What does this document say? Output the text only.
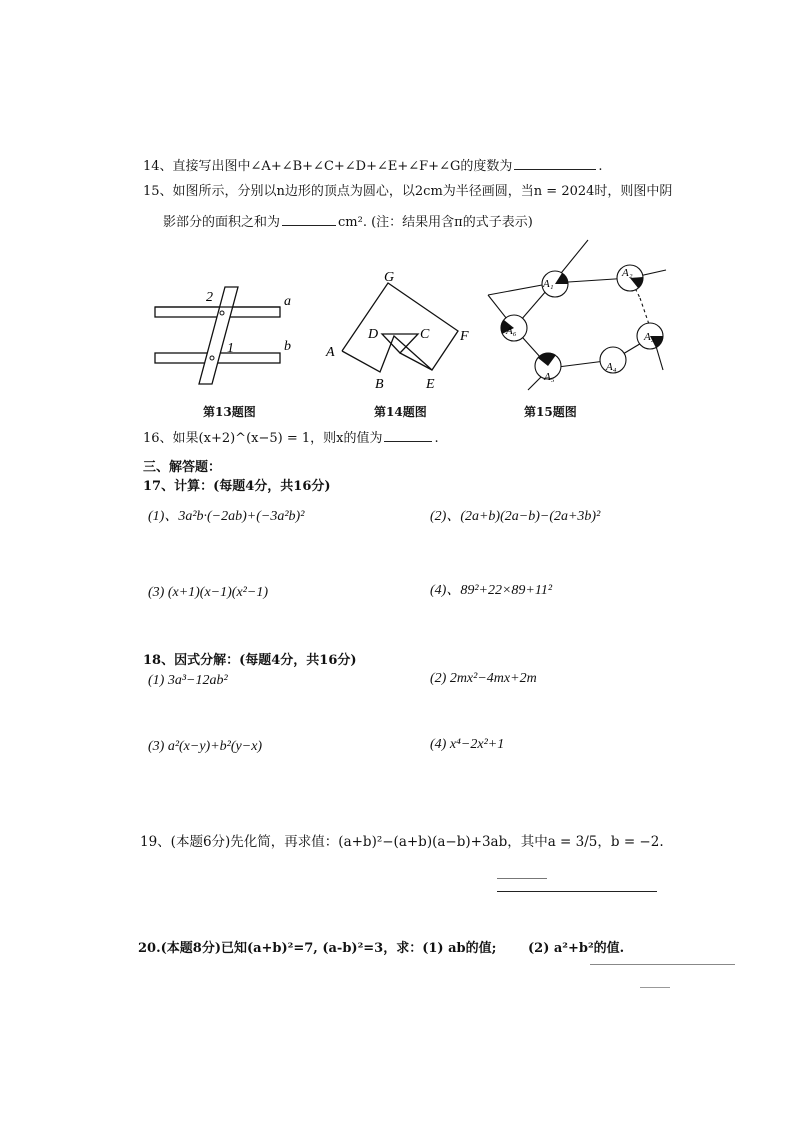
14、直接写出图中∠A+∠B+∠C+∠D+∠E+∠F+∠G的度数为	.
15、如图所示，分别以n边形的顶点为圆心，以2cm为半径画圆，当n = 2024时，则图中阴
影部分的面积之和为	cm². (注：结果用含π的式子表示)
a
b
2
1
第13题图
G
A
B
C
D
E
F
第14题图
A₁
A₂
A₃
A₄
A₅
A₆
第15题图
16、如果(x+2)^(x−5) = 1，则x的值为	.
三、解答题：
17、计算：(每题4分，共16分)
(1)、3a²b·(−2ab)+(−3a²b)²	(2)、(2a+b)(2a−b)−(2a+3b)²
(3) (x+1)(x−1)(x²−1)	(4)、89²+22×89+11²
18、因式分解：(每题4分，共16分)
(1) 3a³−12ab²	(2) 2mx²−4mx+2m
(3) a²(x−y)+b²(y−x)	(4) x⁴−2x²+1
19、(本题6分)先化简，再求值：(a+b)²−(a+b)(a−b)+3ab，其中a = 3/5，b = −2.
20.(本题8分)已知(a+b)²=7, (a-b)²=3，求：(1) ab的值; (2) a²+b²的值.
